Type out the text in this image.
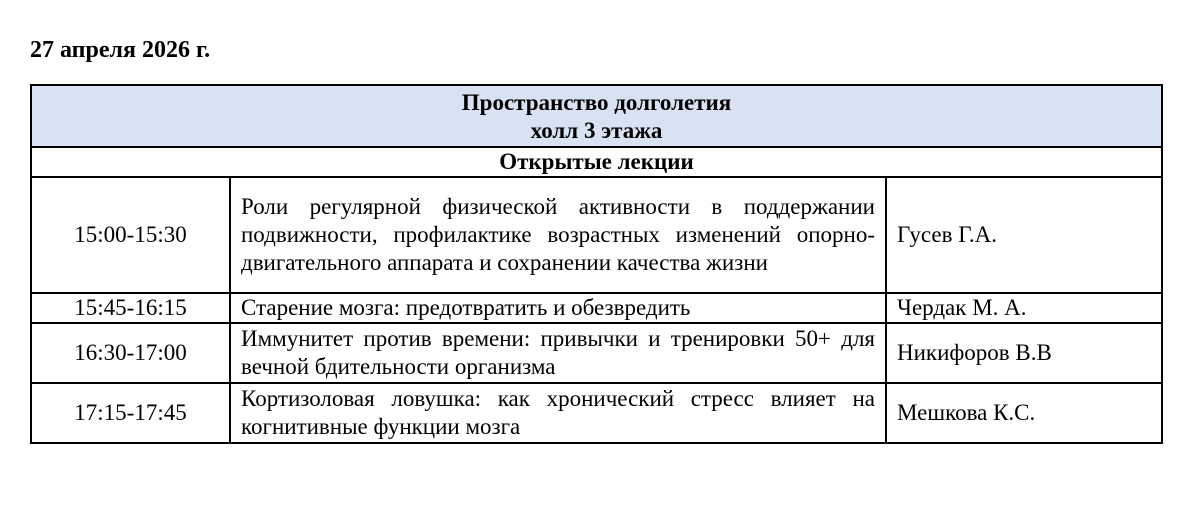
27 апреля 2026 г.
Пространство долголетия
холл 3 этажа		

Открытые лекции		
15:00-15:30	Роли регулярной физической активности в поддержании подвижности, профилактике возрастных изменений опорно-двигательного аппарата и сохранении качества жизни	Гусев Г.А.
15:45-16:15	Старение мозга: предотвратить и обезвредить	Чердак М. А.
16:30-17:00	Иммунитет против времени: привычки и тренировки 50+ для вечной бдительности организма	Никифоров В.В
17:15-17:45	Кортизоловая ловушка: как хронический стресс влияет на когнитивные функции мозга	Мешкова К.С.
